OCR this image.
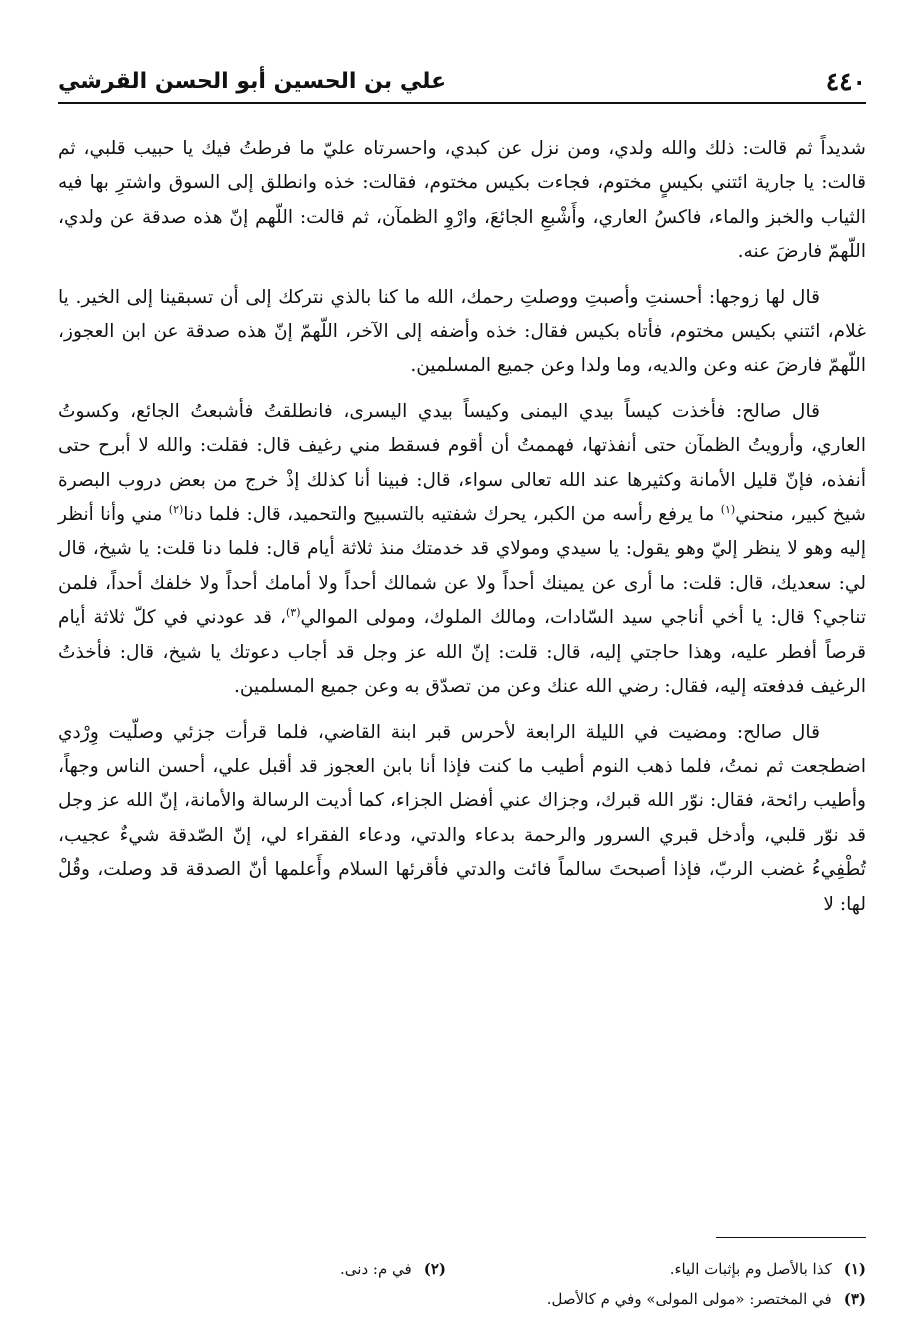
٤٤٠
علي بن الحسين أبو الحسن القرشي

شديداً ثم قالت: ذلك والله ولدي، ومن نزل عن كبدي، واحسرتاه عليّ ما فرطتُ فيك يا حبيب قلبي، ثم قالت: يا جارية ائتني بكيسٍ مختوم، فجاءت بكيس مختوم، فقالت: خذه وانطلق إلى السوق واشترِ بها فيه الثياب والخبز والماء، فاكسُ العاري، وأَشْبعِ الجائعَ، وارْوِ الظمآن، ثم قالت: اللّهم إنّ هذه صدقة عن ولدي، اللّهمّ فارضَ عنه.

قال لها زوجها: أحسنتِ وأصبتِ ووصلتِ رحمك، الله ما كنا بالذي نتركك إلى أن تسبقينا إلى الخير. يا غلام، ائتني بكيس مختوم، فأتاه بكيس فقال: خذه وأضفه إلى الآخر، اللّهمّ إنّ هذه صدقة عن ابن العجوز، اللّهمّ فارضَ عنه وعن والديه، وما ولدا وعن جميع المسلمين.

قال صالح: فأخذت كيساً بيدي اليمنى وكيساً بيدي اليسرى، فانطلقتُ فأشبعتُ الجائع، وكسوتُ العاري، وأرويتُ الظمآن حتى أنفذتها، فهممتُ أن أقوم فسقط مني رغيف قال: فقلت: والله لا أبرح حتى أنفذه، فإنّ قليل الأمانة وكثيرها عند الله تعالى سواء، قال: فبينا أنا كذلك إذْ خرج من بعض دروب البصرة شيخ كبير، منحني$^{(١)}$ ما يرفع رأسه من الكبر، يحرك شفتيه بالتسبيح والتحميد، قال: فلما دنا$^{(٢)}$ مني وأنا أنظر إليه وهو لا ينظر إليّ وهو يقول: يا سيدي ومولاي قد خدمتك منذ ثلاثة أيام قال: فلما دنا قلت: يا شيخ، قال لي: سعديك، قال: قلت: ما أرى عن يمينك أحداً ولا عن شمالك أحداً ولا أمامك أحداً ولا خلفك أحداً، فلمن تناجي؟ قال: يا أخي أناجي سيد السّادات، ومالك الملوك، ومولى الموالي$^{(٣)}$، قد عودني في كلّ ثلاثة أيام قرصاً أفطر عليه، وهذا حاجتي إليه، قال: قلت: إنّ الله عز وجل قد أجاب دعوتك يا شيخ، قال: فأخذتُ الرغيف فدفعته إليه، فقال: رضي الله عنك وعن من تصدّق به وعن جميع المسلمين.

قال صالح: ومضيت في الليلة الرابعة لأحرس قبر ابنة القاضي، فلما قرأت جزئي وصلّيت وِرْدي اضطجعت ثم نمتُ، فلما ذهب النوم أطيب ما كنت فإذا أنا بابن العجوز قد أقبل علي، أحسن الناس وجهاً، وأطيب رائحة، فقال: نوّر الله قبرك، وجزاك عني أفضل الجزاء، كما أديت الرسالة والأمانة، إنّ الله عز وجل قد نوّر قلبي، وأدخل قبري السرور والرحمة بدعاء والدتي، ودعاء الفقراء لي، إنّ الصّدقة شيءٌ عجيب، تُطْفِيءُ غضب الربّ، فإذا أصبحتَ سالماً فائت والدتي فأقرئها السلام وأَعلمها أنّ الصدقة قد وصلت، وقُلْ لها: لا

(١)
كذا بالأصل وم بإثبات الياء.
(٢)
في م: دنى.
(٣)
في المختصر: «مولى المولى» وفي م كالأصل.
